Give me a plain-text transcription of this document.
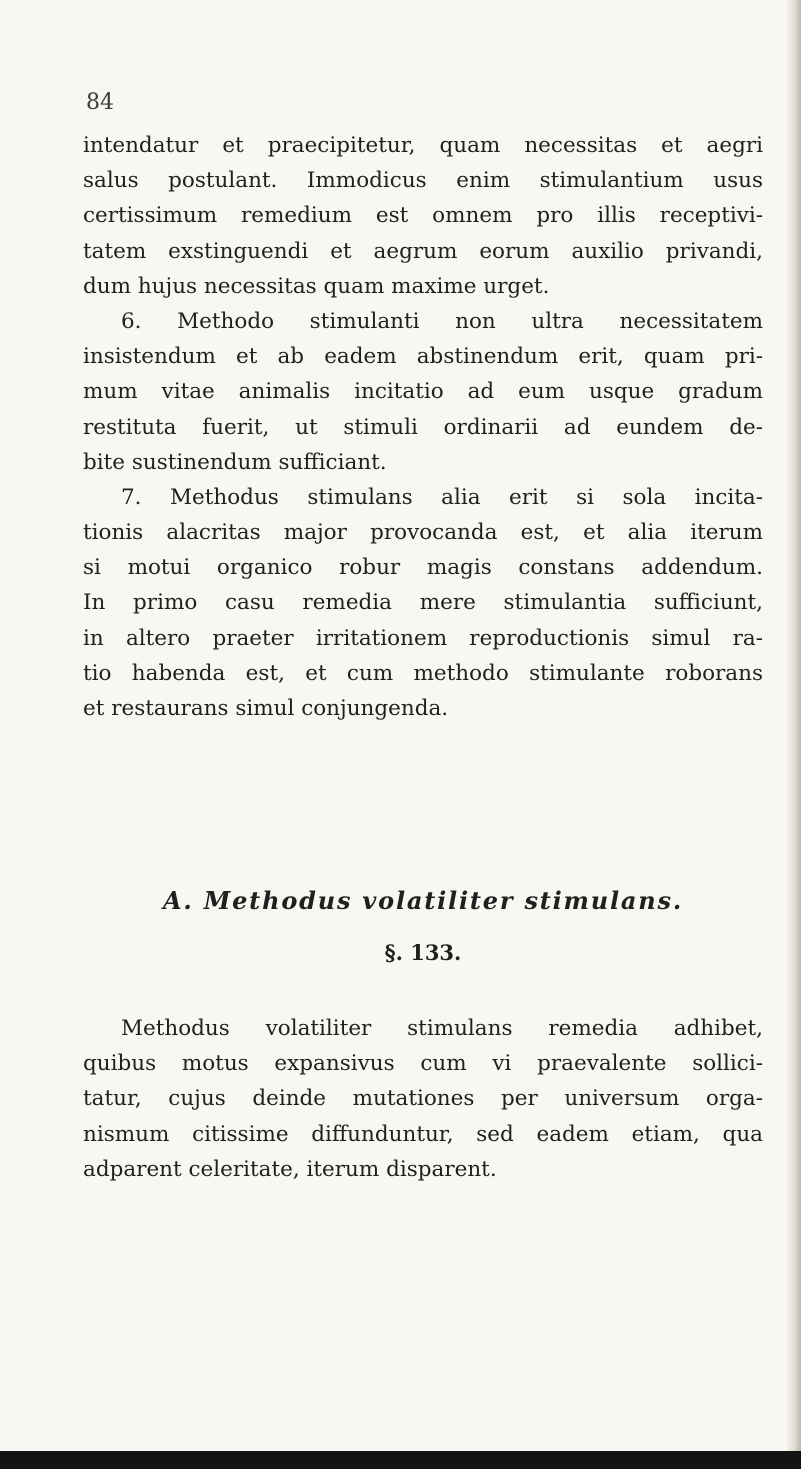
84

intendatur et praecipitetur, quam necessitas et aegri

salus postulant. Immodicus enim stimulantium usus

certissimum remedium est omnem pro illis receptivi-

tatem exstinguendi et aegrum eorum auxilio privandi,

dum hujus necessitas quam maxime urget.

6. Methodo stimulanti non ultra necessitatem

insistendum et ab eadem abstinendum erit, quam pri-

mum vitae animalis incitatio ad eum usque gradum

restituta fuerit, ut stimuli ordinarii ad eundem de-

bite sustinendum sufficiant.

7. Methodus stimulans alia erit si sola incita-

tionis alacritas major provocanda est, et alia iterum

si motui organico robur magis constans addendum.

In primo casu remedia mere stimulantia sufficiunt,

in altero praeter irritationem reproductionis simul ra-

tio habenda est, et cum methodo stimulante roborans

et restaurans simul conjungenda.

A. Methodus volatiliter stimulans.

§. 133.

Methodus volatiliter stimulans remedia adhibet,

quibus motus expansivus cum vi praevalente sollici-

tatur, cujus deinde mutationes per universum orga-

nismum citissime diffunduntur, sed eadem etiam, qua

adparent celeritate, iterum disparent.
